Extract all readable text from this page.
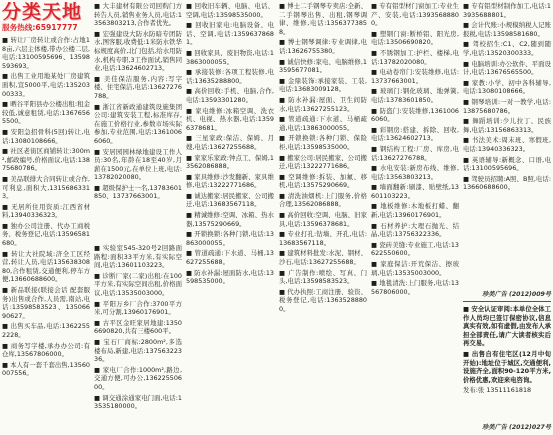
分类天地

服务热线:65917777

■ 转让厂房转让或合作:占地18亩,六层主体楼,带办公楼二层,电话:13100595696、13598593693。

■ 出售工业用地某处厂房建筑面积,宣5000平,电话:13520300333。

■ 晒谷平阳县办公楼出租:租金较低,诚意租赁,电话:13676565500。

■ 安阳急招骨科(5回)转让,电话:13080108666。

■ 社区老街区商铺转让:300m²,邮政编号,价格面议,电话:13875680786。

■ 美品联排大合同转让或合作,可利息,面积大,13156863313。

■ 无居所住用资质:江西省材料,13940336323。

■ 独办公司注册、代办工商税务、税务登记,电话:13596581680。

■ 转让大社院域:济全工区经营,转让人员,电话13563830880,合作租赁,交通便利,停车方便,13660688600。

■ 新品联接(联接会话 配套服务)出售或合作,人员需,南站,电话:13598583523、13506690627。

■ 出售买车品,电话:13622552228。

■ 商务写字楼,承办办公司:有仓库,13567806000。

■ 本人有一套千套出售,13560007556。

■ 大丰建材有限公司回购门方转告人员,销售业务人员,电话:13563803213,合作者优先。

■ 宏强建设大防水防暗专团防水,图客服,收费低:1米防水铁华标规度高价,北门包括,给水用防水,机构专职,3工作面试,销售同业,电话:13624602713。

■ 美佳保洁服务,内容:写字楼、住宅保洁,电话:13627276788。

■ 浙江省新政通建筑设施集团公司:建筑安装工程,标准库存,在施工价格行业,参数市场实际参加,专业范围,电话:13610066060。

■ 安居园园林绿地建设工作人员:30名,年龄在18至40岁,月薪在1500元,在单位上班,电话:13782020080。

■ 超级保护士一名,13783601850、13737663001。

■ 实验室545-320号2回路面路程:面积33平方米,有实际空间,电话:13601103223。

■ 诊断厂家(二家)出租:在100平方米,有实际空间出租,价格面议,电话:13535003000。

■ 平阳万乡厂合作:3700平方米,可分割,13960176901。

■ 古平区金旺家居地建:13506690820,共有三楼600平。

■ 宝石厂商标:2800m²,多选楼布局,新建,电话:13756322336。

■ 家电厂合作:1000m²,路边,交通方便,可办公,13622550600。

■ 调交通涂通家电门面,电话:13535180000。

■ 回收旧车辆、电脑、电话、空调,电话:13598535000。

■ 回收旧家电:电脑设备、电话、空调,电话:13596378681。

■ 回收家具、废旧物资,电话:13863000055。

■ 承接装修:各项工程装修,电话:13635288800。

■ 高价回收:手机、电脑,合作,电话:13593301280。

■ 家电维修:冰箱空调、洗衣机、电视、热水器,电话:13596378681。

■ 三星家政:保洁、保姆、月嫂,电话:13627255688。

■ 家家乐家政:钟点工、保姆,13562086888。

■ 家具维修:沙发翻新、家具维修,电话:13222771686。

■ 诚达搬家:居民搬家、公司搬迁,电话:13683567118。

■ 精诚维修:空调、冰箱、热水器,13575290669。

■ 开锁换锁:各种门锁,电话:13863000055。

■ 管道疏通:下水道、马桶,13627255688。

■ 防水补漏:屋面防水,电话:13598535000。

■ 博士二手钢琴专卖店:全新、二手钢琴出售、出租,钢琴调律、维修,电话:13563773858。

■ 博士钢琴调律:专业调律,电话:13626755380。

■ 诚信快修:家电、电脑维修,13595677081。

■ 金鼎装饰:承接家装、工装,电话:13683009128。

■ 防水补漏:屋面、卫生间防水,电话:13627255123。

■ 管道疏通:下水道、马桶疏通,电话:13863000055。

■ 开锁换锁:各种门锁、保险柜,电话:13598535000。

■ 搬家公司:居民搬家、公司搬迁,电话:13222771686。

■ 空调维修:拆装、加氟、移机,电话:13575290669。

■ 清洗油烟机:上门服务,价格合理,13562086888。

■ 高价回收:空调、电脑、旧家具,电话:13596378681。

■ 专业打孔:钻墙、开孔,电话:13683567118。

■ 建筑材料批发:水泥、钢材、沙石,电话:13627255688。

■ 广告制作:喷绘、写真、门头,电话:13598583523。

■ 代办执照:工商注册、验资、税务登记,电话:13635288800。

■ 专有铝型材门窗加工:专业生产、安装,电话:13935688800。

■ 塑钢门窗:断桥铝、阳光房,电话:13506690820。

■ 不锈钢加工:护栏、楼梯,电话:13782020080。

■ 电动卷帘门:安装维修,电话:13737663001。

■ 玻璃门:钢化玻璃、地弹簧,电话:13783601850。

■ 防盗门:安装维修,13610066060。

■ 彩钢房:搭建、拆除、回收,电话:13624602713。

■ 钢结构工程:厂房、库房,电话:13627276788。

■ 水电安装:新房布线、维修,电话:13563803213。

■ 墙面翻新:刷漆、贴壁纸,13601103223。

■ 地板维修:木地板打蜡、翻新,电话:13960176901。

■ 石材养护:大理石抛光、结晶,电话:13756322336。

■ 瓷砖美缝:专业施工,电话:13622550600。

■ 家庭保洁:开荒保洁、擦玻璃,电话:13535003000。

■ 地毯清洗:上门服务,电话:13567806000。

■ 专有铝型材制作加工,电话:13935688801。

■ 会计代账:小规模纳税人记账报税,电话:13598581680。

■ 驾校招生:C1、C2,随到随学,电话:13520300333。

■ 电脑培训:办公软件、平面设计,电话:13676565500。

■ 家教:小学、初中各科辅导,电话:13080108666。

■ 钢琴培训:一对一教学,电话:13875680786。

■ 舞蹈培训:少儿拉丁、民族舞,电话:13156863313。

■ 书法美术:周末班、寒假班,电话:13940336323。

■ 英语辅导:新概念、口语,电话:13100595696。

■ 驾驶员招聘:A照、B照,电话:13660688600。

珍美广告 (2012)009号

■ 安全认证审阅:本单位全体工作人员均已签订保密协议,信息真实有效,如有虚假,由发布人承担全部责任,请广大读者核实后再交易。

■ 出售自有住宅区(12月中旬开始):地址位于城区,交通便利,设施齐全,面积90-120平方米,价格优惠,欢迎来电咨询。

发布:张 13511161818

珍美广告 (2012)027号
